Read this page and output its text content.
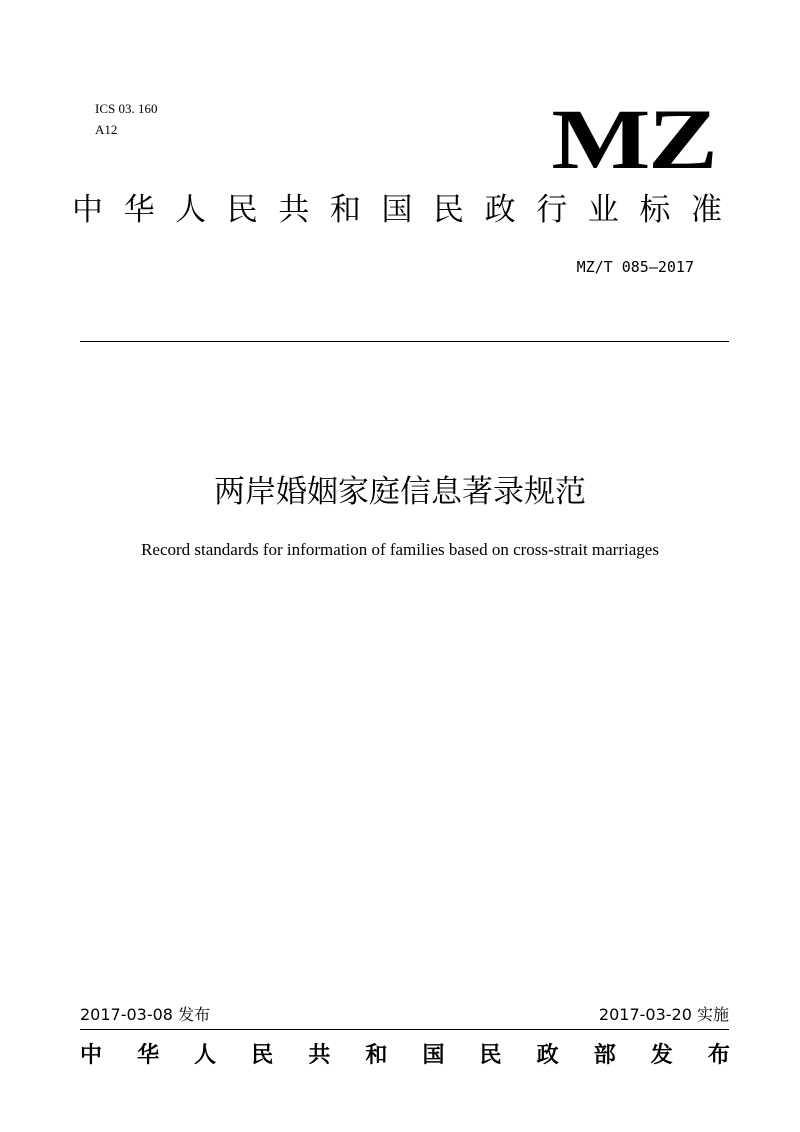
ICS 03. 160
A12	MZ
中 华 人 民 共 和 国 民 政 行 业 标 准
MZ/T 085—2017
两岸婚姻家庭信息著录规范
Record standards for information of families based on cross-strait marriages
2017-03-08 发布	2017-03-20 实施
中 华 人 民 共 和 国 民 政 部 发 布
